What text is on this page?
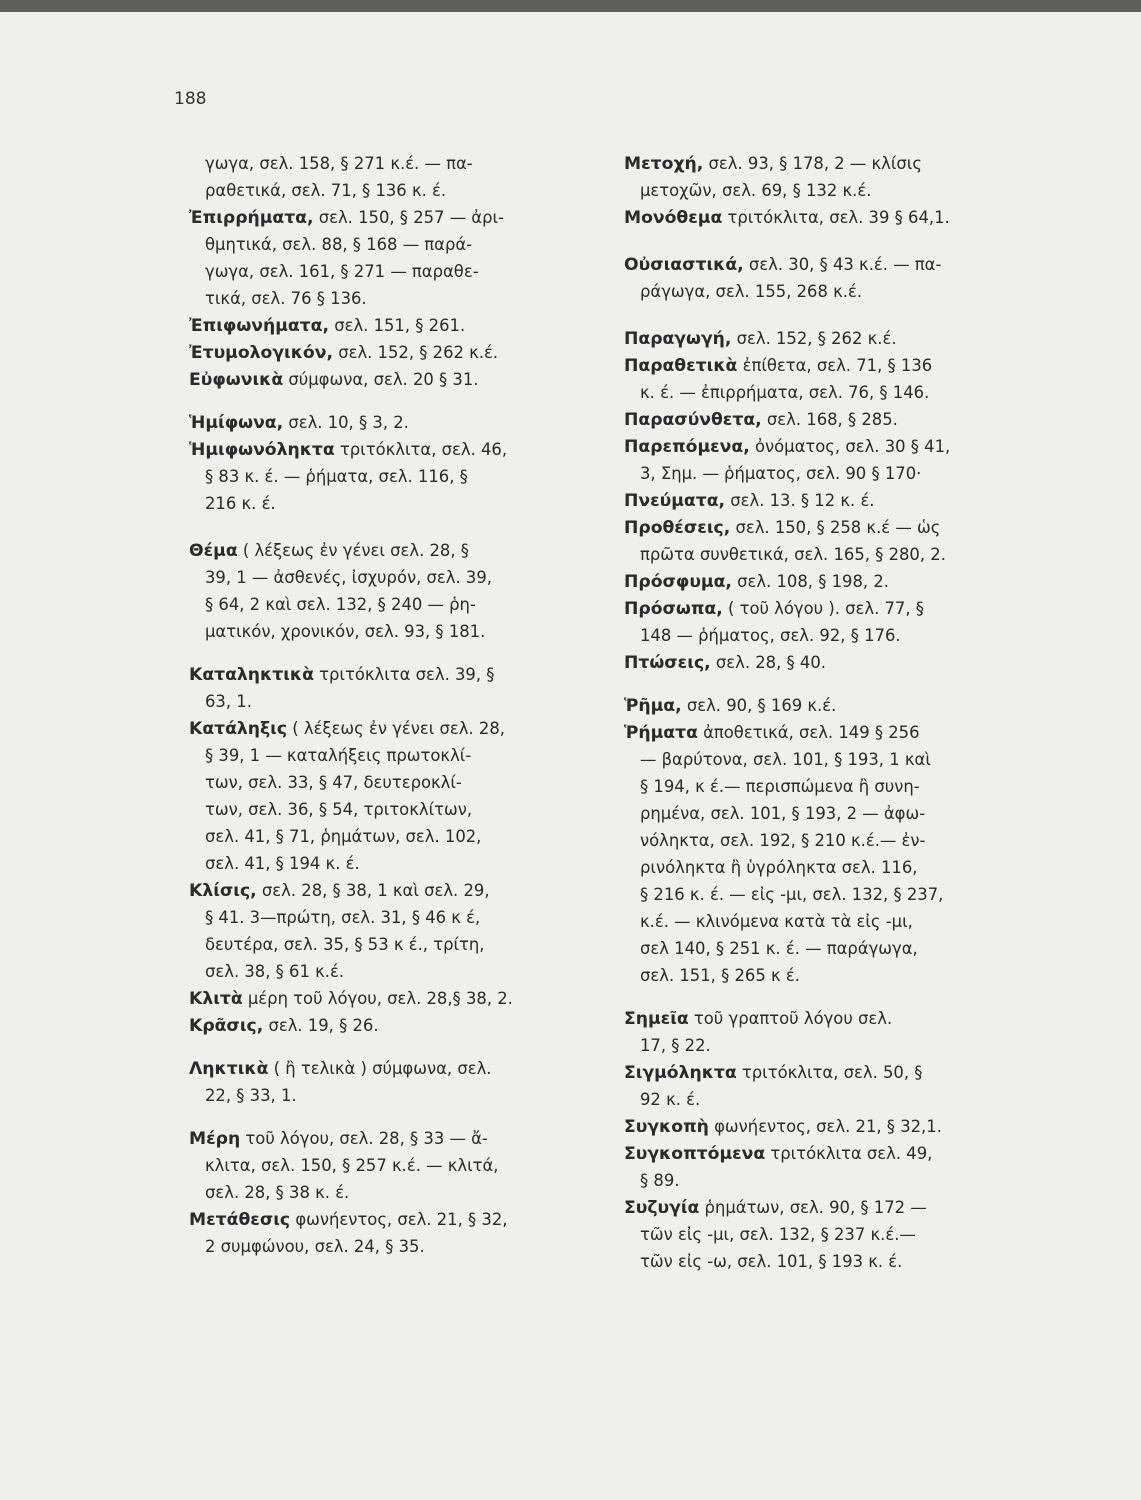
188
γωγα, σελ. 158, § 271 κ.έ. — πα-
ραθετικά, σελ. 71, § 136 κ. έ.
Ἐπιρρήματα, σελ. 150, § 257 — ἀρι-
θμητικά, σελ. 88, § 168 — παρά-
γωγα, σελ. 161, § 271 — παραθε-
τικά, σελ. 76 § 136.
Ἐπιφωνήματα, σελ. 151, § 261.
Ἐτυμολογικόν, σελ. 152, § 262 κ.έ.
Εὐφωνικὰ σύμφωνα, σελ. 20 § 31.
Ἡμίφωνα, σελ. 10, § 3, 2.
Ἡμιφωνόληκτα τριτόκλιτα, σελ. 46,
§ 83 κ. έ. — ῥήματα, σελ. 116, §
216 κ. έ.
Θέμα ( λέξεως ἐν γένει σελ. 28, §
39, 1 — ἀσθενές, ἰσχυρόν, σελ. 39,
§ 64, 2 καὶ σελ. 132, § 240 — ῥη-
ματικόν, χρονικόν, σελ. 93, § 181.
Καταληκτικὰ τριτόκλιτα σελ. 39, §
63, 1.
Κατάληξις ( λέξεως ἐν γένει σελ. 28,
§ 39, 1 — καταλήξεις πρωτοκλί-
των, σελ. 33, § 47, δευτεροκλί-
των, σελ. 36, § 54, τριτοκλίτων,
σελ. 41, § 71, ῥημάτων, σελ. 102,
σελ. 41, § 194 κ. έ.
Κλίσις, σελ. 28, § 38, 1 καὶ σελ. 29,
§ 41. 3—πρώτη, σελ. 31, § 46 κ έ,
δευτέρα, σελ. 35, § 53 κ έ., τρίτη,
σελ. 38, § 61 κ.έ.
Κλιτὰ μέρη τοῦ λόγου, σελ. 28,§ 38, 2.
Κρᾶσις, σελ. 19, § 26.
Ληκτικὰ ( ἢ τελικὰ ) σύμφωνα, σελ.
22, § 33, 1.
Μέρη τοῦ λόγου, σελ. 28, § 33 — ἄ-
κλιτα, σελ. 150, § 257 κ.έ. — κλιτά,
σελ. 28, § 38 κ. έ.
Μετάθεσις φωνήεντος, σελ. 21, § 32,
2 συμφώνου, σελ. 24, § 35.
Μετοχή, σελ. 93, § 178, 2 — κλίσις
μετοχῶν, σελ. 69, § 132 κ.έ.
Μονόθεμα τριτόκλιτα, σελ. 39 § 64,1.
Οὐσιαστικά, σελ. 30, § 43 κ.έ. — πα-
ράγωγα, σελ. 155, 268 κ.έ.
Παραγωγή, σελ. 152, § 262 κ.έ.
Παραθετικὰ ἐπίθετα, σελ. 71, § 136
κ. έ. — ἐπιρρήματα, σελ. 76, § 146.
Παρασύνθετα, σελ. 168, § 285.
Παρεπόμενα, ὀνόματος, σελ. 30 § 41,
3, Σημ. — ῥήματος, σελ. 90 § 170·
Πνεύματα, σελ. 13. § 12 κ. έ.
Προθέσεις, σελ. 150, § 258 κ.έ — ὡς
πρῶτα συνθετικά, σελ. 165, § 280, 2.
Πρόσφυμα, σελ. 108, § 198, 2.
Πρόσωπα, ( τοῦ λόγου ). σελ. 77, §
148 — ῥήματος, σελ. 92, § 176.
Πτώσεις, σελ. 28, § 40.
Ῥῆμα, σελ. 90, § 169 κ.έ.
Ῥήματα ἀποθετικά, σελ. 149 § 256
— βαρύτονα, σελ. 101, § 193, 1 καὶ
§ 194, κ έ.— περισπώμενα ἢ συνη-
ρημένα, σελ. 101, § 193, 2 — ἀφω-
νόληκτα, σελ. 192, § 210 κ.έ.— ἐν-
ρινόληκτα ἢ ὑγρόληκτα σελ. 116,
§ 216 κ. έ. — εἰς -μι, σελ. 132, § 237,
κ.έ. — κλινόμενα κατὰ τὰ εἰς -μι,
σελ 140, § 251 κ. έ. — παράγωγα,
σελ. 151, § 265 κ έ.
Σημεῖα τοῦ γραπτοῦ λόγου σελ.
17, § 22.
Σιγμόληκτα τριτόκλιτα, σελ. 50, §
92 κ. έ.
Συγκοπὴ φωνήεντος, σελ. 21, § 32,1.
Συγκοπτόμενα τριτόκλιτα σελ. 49,
§ 89.
Συζυγία ῥημάτων, σελ. 90, § 172 —
τῶν εἰς -μι, σελ. 132, § 237 κ.έ.—
τῶν εἰς -ω, σελ. 101, § 193 κ. έ.
